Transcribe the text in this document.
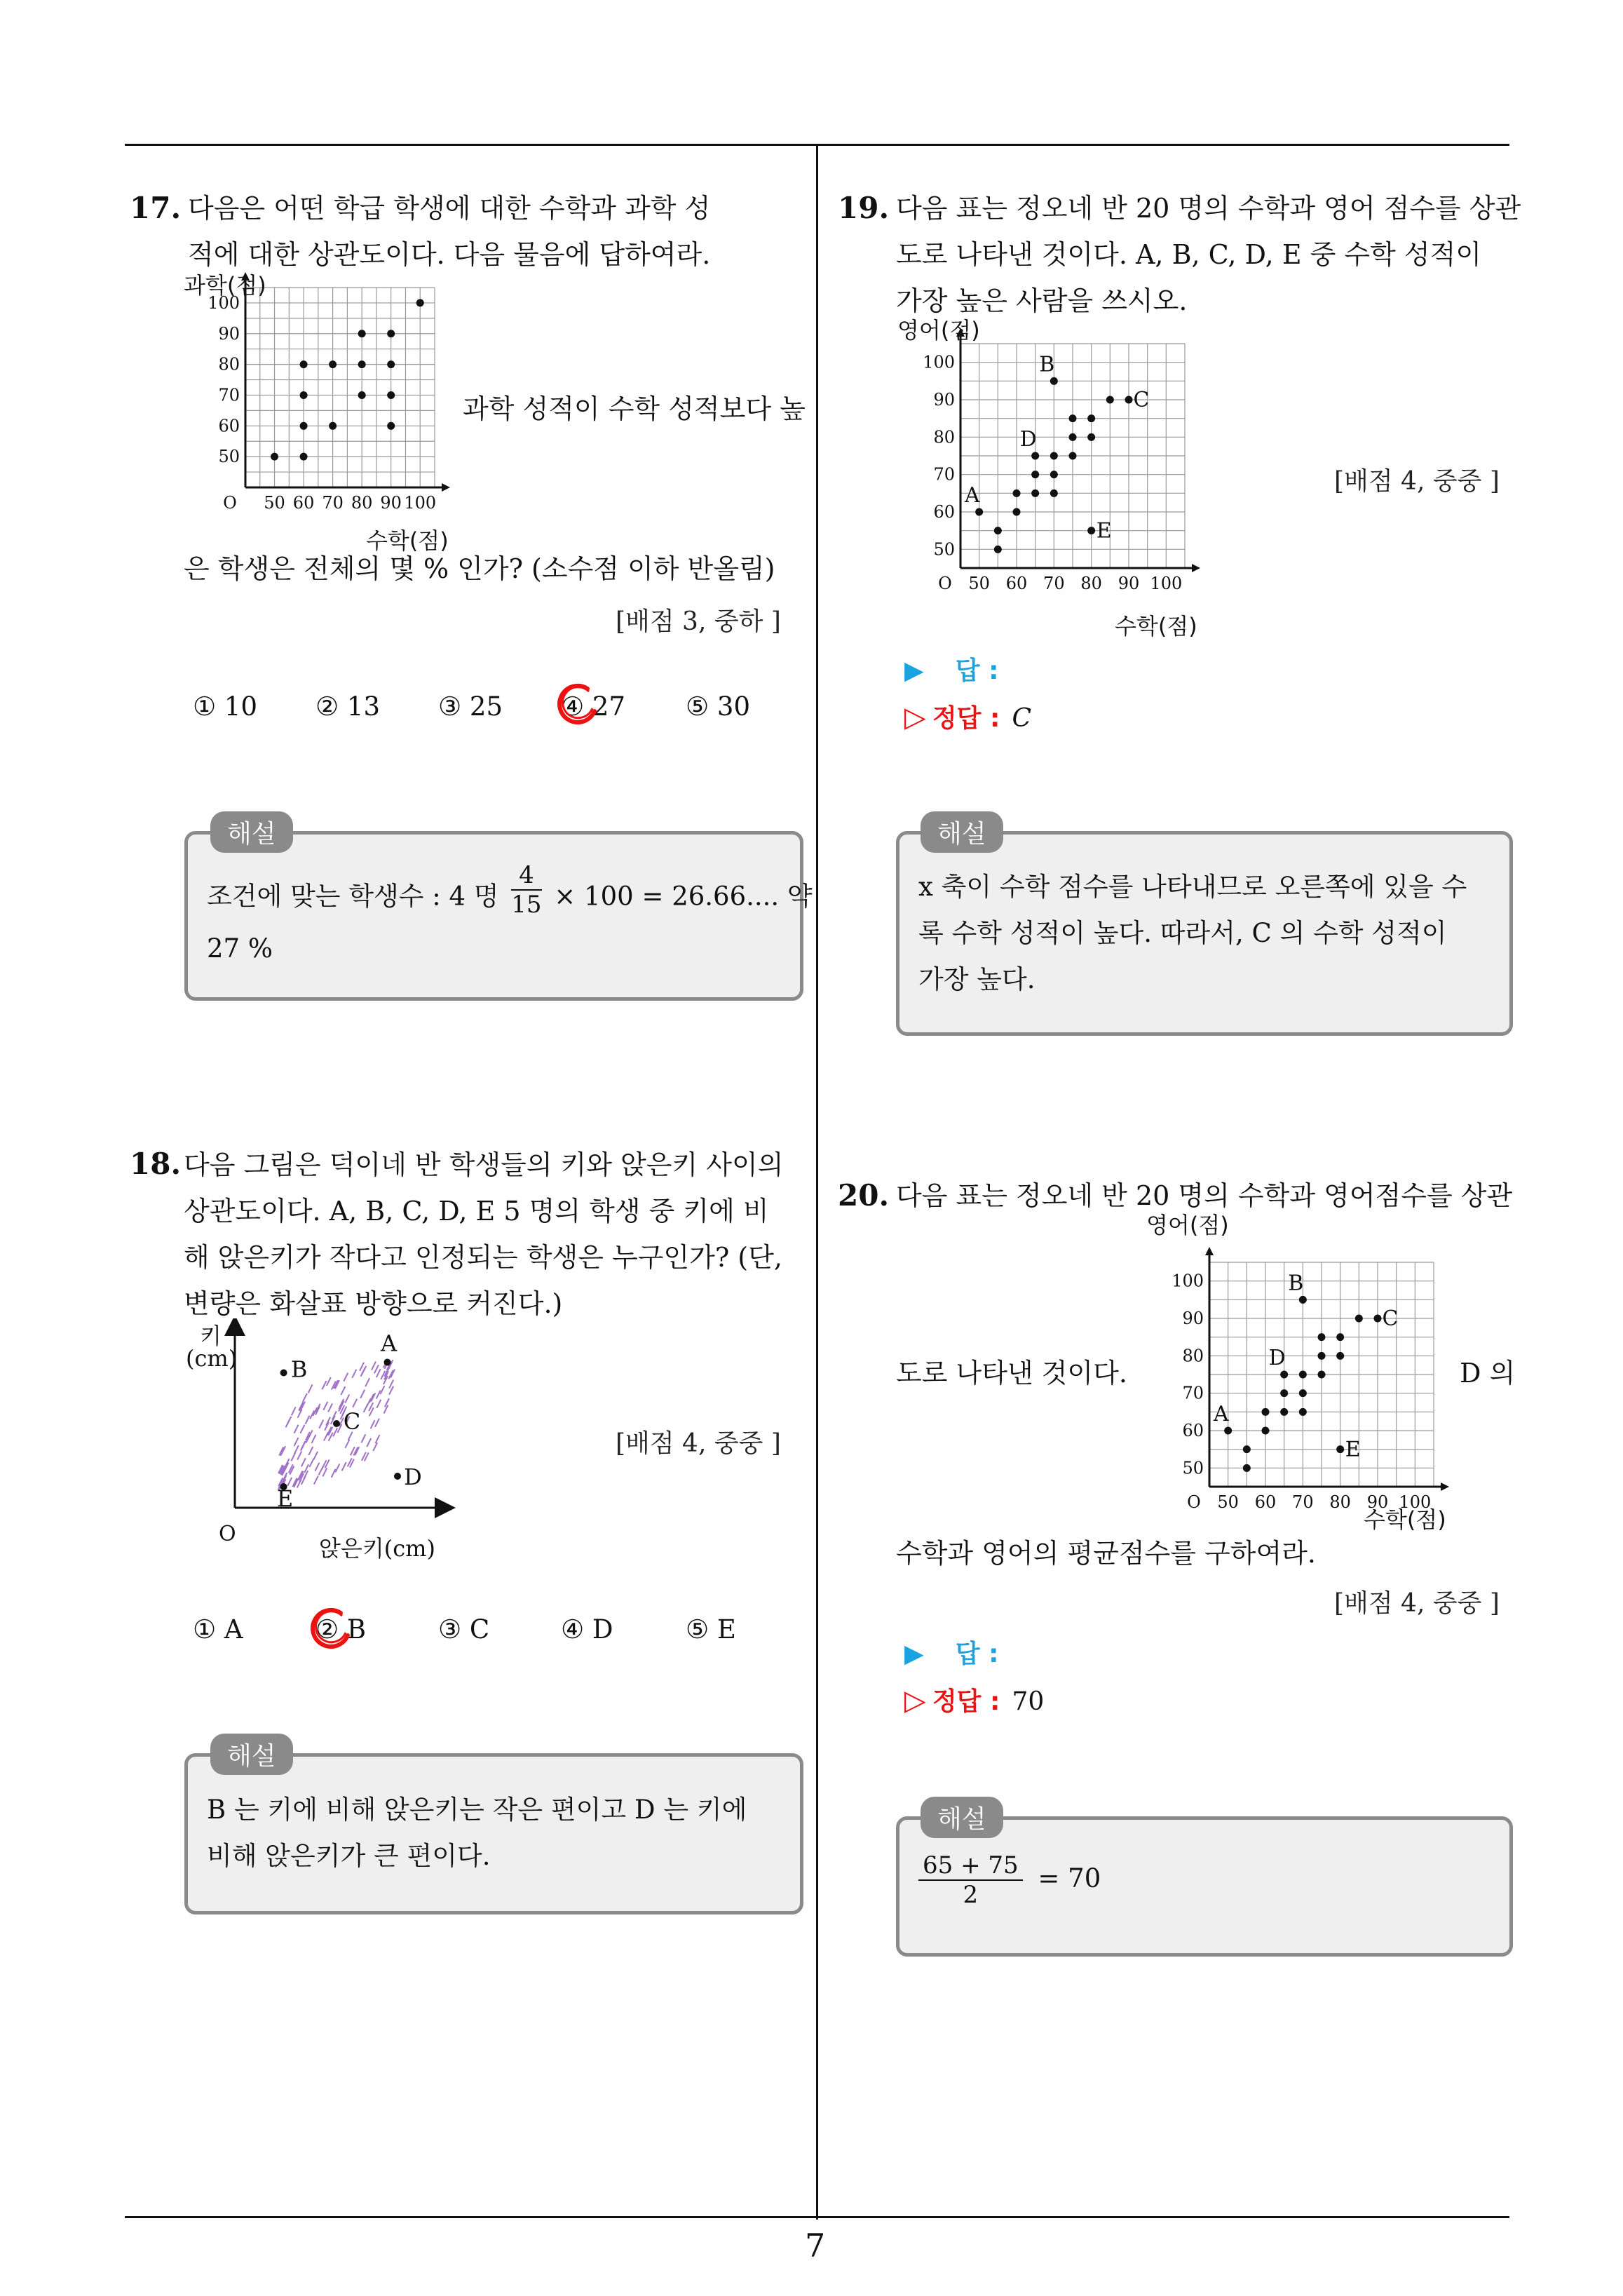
7
17. 다음은 어떤 학급 학생에 대한 수학과 과학 성
적에 대한 상관도이다. 다음 물음에 답하여라.
50 60 70 80 90 100
50
60
70
80
90
100
O
과학(점)
수학(점)
과학 성적이 수학 성적보다 높
은 학생은 전체의 몇 % 인가? (소수점 이하 반올림)
[배점 3, 중하 ]
① 10 ② 13 ③ 25 ④ 27 ⑤ 30
해설
조건에 맞는 학생수 : 4 명 $\frac{4}{15} \times 100 = 26.66$.... 약
27 %
18. 다음 그림은 덕이네 반 학생들의 키와 앉은키 사이의
상관도이다. A, B, C, D, E 5 명의 학생 중 키에 비
해 앉은키가 작다고 인정되는 학생은 누구인가? (단,
변량은 화살표 방향으로 커진다.)
A
B
C
D
E
키
(cm)
O
앉은키(cm)
[배점 4, 중중 ]
① A	② B	③ C	④ D	⑤ E
해설
B 는 키에 비해 앉은키는 작은 편이고 D 는 키에
비해 앉은키가 큰 편이다.
19. 다음 표는 정오네 반 20 명의 수학과 영어 점수를 상관
도로 나타낸 것이다. A, B, C, D, E 중 수학 성적이
가장 높은 사람을 쓰시오.
A
B
C
D
E
50 60 70 80 90 100
50
60
70
80
90
100
O
영어(점)
수학(점)
[배점 4, 중중 ]
▶ 답 :
▷ 정답 : C
해설
x 축이 수학 점수를 나타내므로 오른쪽에 있을 수
록 수학 성적이 높다. 따라서, C 의 수학 성적이
가장 높다.
20. 다음 표는 정오네 반 20 명의 수학과 영어점수를 상관
A
B
C
D
E
50 60 70 80 90 100
50
60
70
80
90
100
O
영어(점)
수학(점)
도로 나타낸 것이다.	D 의
수학과 영어의 평균점수를 구하여라.
[배점 4, 중중 ]
▶ 답 :
▷ 정답 : 70
해설
$\frac{65 + 75}{2} = 70$
